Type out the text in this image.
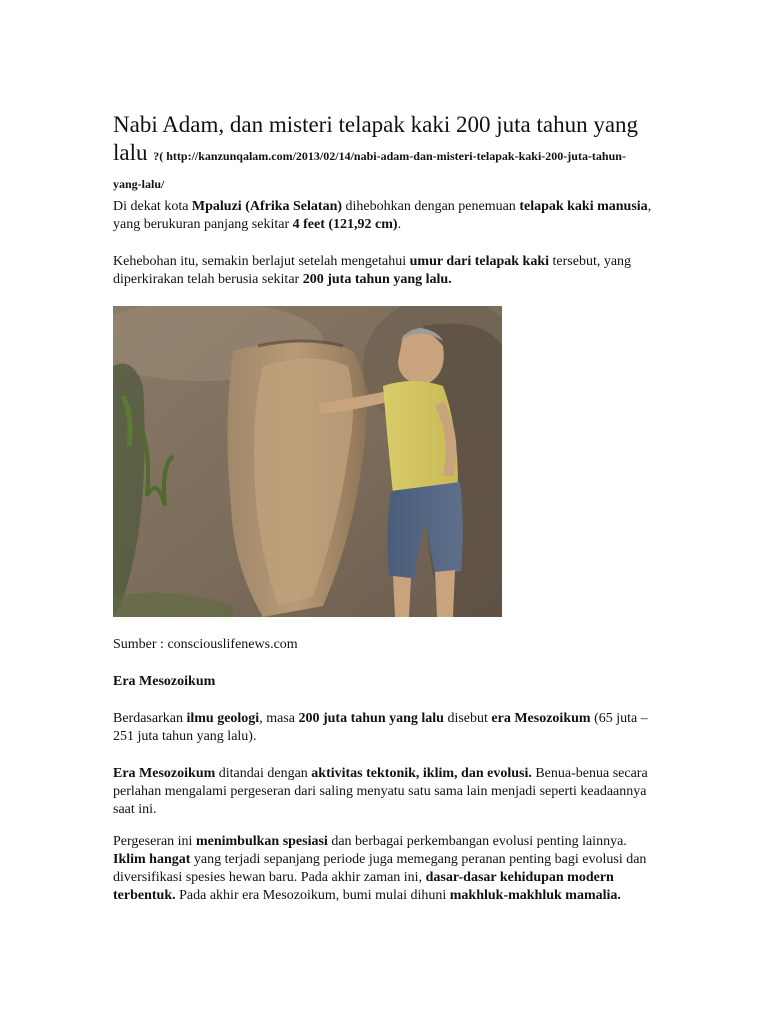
Nabi Adam, dan misteri telapak kaki 200 juta tahun yang lalu ?( http://kanzunqalam.com/2013/02/14/nabi-adam-dan-misteri-telapak-kaki-200-juta-tahun-yang-lalu/

Di dekat kota Mpaluzi (Afrika Selatan) dihebohkan dengan penemuan telapak kaki manusia, yang berukuran panjang sekitar 4 feet (121,92 cm).

Kehebohan itu, semakin berlajut setelah mengetahui umur dari telapak kaki tersebut, yang diperkirakan telah berusia sekitar 200 juta tahun yang lalu.

Sumber : consciouslifenews.com

Era Mesozoikum

Berdasarkan ilmu geologi, masa 200 juta tahun yang lalu disebut era Mesozoikum (65 juta – 251 juta tahun yang lalu).

Era Mesozoikum ditandai dengan aktivitas tektonik, iklim, dan evolusi. Benua-benua secara perlahan mengalami pergeseran dari saling menyatu satu sama lain menjadi seperti keadaannya saat ini.

Pergeseran ini menimbulkan spesiasi dan berbagai perkembangan evolusi penting lainnya. Iklim hangat yang terjadi sepanjang periode juga memegang peranan penting bagi evolusi dan diversifikasi spesies hewan baru. Pada akhir zaman ini, dasar-dasar kehidupan modern terbentuk. Pada akhir era Mesozoikum, bumi mulai dihuni makhluk-makhluk mamalia.
